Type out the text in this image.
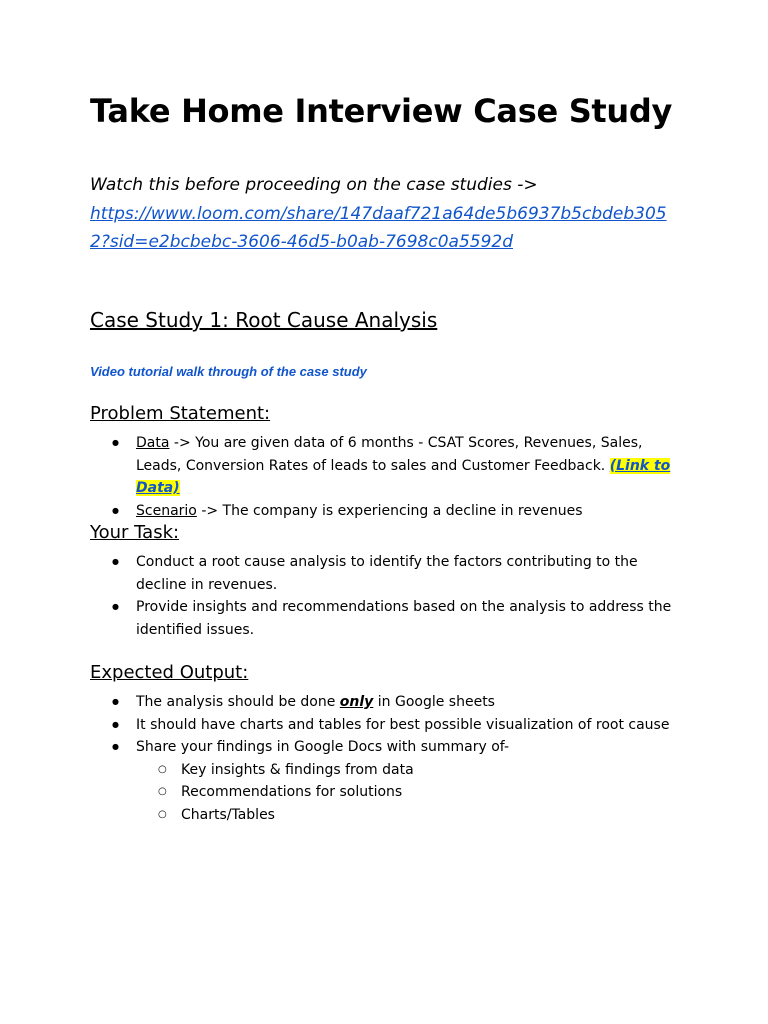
Take Home Interview Case Study

Watch this before proceeding on the case studies ->
https://www.loom.com/share/147daaf721a64de5b6937b5cbdeb3052?sid=e2bcbebc-3606-46d5-b0ab-7698c0a5592d

Case Study 1: Root Cause Analysis
Video tutorial walk through of the case study
Problem Statement:
● Data -> You are given data of 6 months - CSAT Scores, Revenues, Sales, Leads, Conversion Rates of leads to sales and Customer Feedback. (Link to Data)
● Scenario -> The company is experiencing a decline in revenues
Your Task:
● Conduct a root cause analysis to identify the factors contributing to the decline in revenues.
● Provide insights and recommendations based on the analysis to address the identified issues.
Expected Output:
● The analysis should be done only in Google sheets
● It should have charts and tables for best possible visualization of root cause
● Share your findings in Google Docs with summary of-
○ Key insights & findings from data
○ Recommendations for solutions
○ Charts/Tables
